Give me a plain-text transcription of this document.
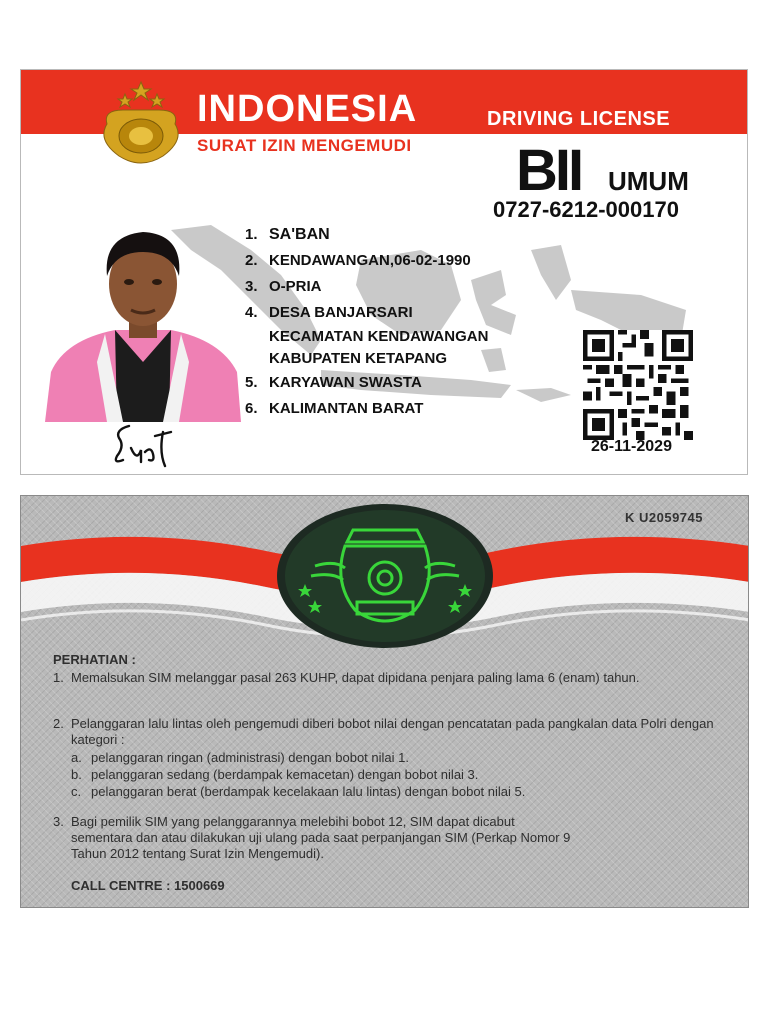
INDONESIA
SURAT IZIN MENGEMUDI
DRIVING LICENSE
BII UMUM
0727-6212-000170
1. SA'BAN
2. KENDAWANGAN,06-02-1990
3. O-PRIA
4. DESA BANJARSARI
KECAMATAN KENDAWANGAN
KABUPATEN KETAPANG
5. KARYAWAN SWASTA
6. KALIMANTAN BARAT
26-11-2029
K U2059745
PERHATIAN :
1. Memalsukan SIM melanggar pasal 263 KUHP, dapat dipidana penjara paling lama 6 (enam) tahun.
2. Pelanggaran lalu lintas oleh pengemudi diberi bobot nilai dengan pencatatan pada pangkalan data Polri dengan kategori :
a. pelanggaran ringan (administrasi) dengan bobot nilai 1.
b. pelanggaran sedang (berdampak kemacetan) dengan bobot nilai 3.
c. pelanggaran berat (berdampak kecelakaan lalu lintas) dengan bobot nilai 5.
3. Bagi pemilik SIM yang pelanggarannya melebihi bobot 12, SIM dapat dicabut sementara dan atau dilakukan uji ulang pada saat perpanjangan SIM (Perkap Nomor 9 Tahun 2012 tentang Surat Izin Mengemudi).
CALL CENTRE : 1500669
